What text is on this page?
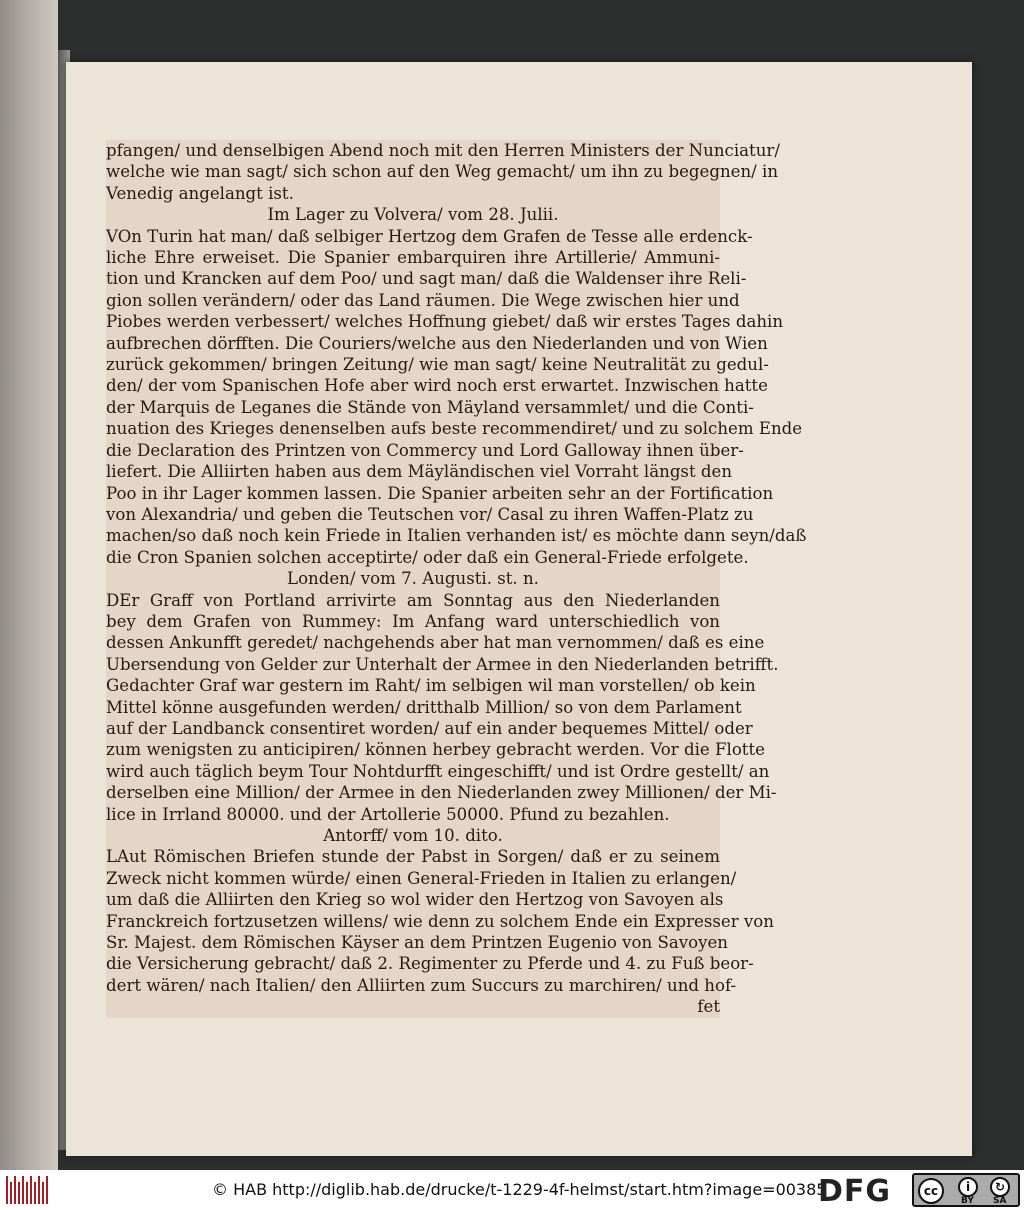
pfangen/ und denselbigen Abend noch mit den Herren Ministers der Nunciatur/
welche wie man sagt/ sich schon auf den Weg gemacht/ um ihn zu begegnen/ in
Venedig angelangt ist.
Im Lager zu Volvera/ vom 28. Julii.
VOn Turin hat man/ daß selbiger Hertzog dem Grafen de Tesse alle erdenck-
liche Ehre erweiset. Die Spanier embarquiren ihre Artillerie/ Ammuni-
tion und Krancken auf dem Poo/ und sagt man/ daß die Waldenser ihre Reli-
gion sollen verändern/ oder das Land räumen. Die Wege zwischen hier und
Piobes werden verbessert/ welches Hoffnung giebet/ daß wir erstes Tages dahin
aufbrechen dörfften. Die Couriers/welche aus den Niederlanden und von Wien
zurück gekommen/ bringen Zeitung/ wie man sagt/ keine Neutralität zu gedul-
den/ der vom Spanischen Hofe aber wird noch erst erwartet. Inzwischen hatte
der Marquis de Leganes die Stände von Mäyland versammlet/ und die Conti-
nuation des Krieges denenselben aufs beste recommendiret/ und zu solchem Ende
die Declaration des Printzen von Commercy und Lord Galloway ihnen über-
liefert. Die Alliirten haben aus dem Mäyländischen viel Vorraht längst den
Poo in ihr Lager kommen lassen. Die Spanier arbeiten sehr an der Fortification
von Alexandria/ und geben die Teutschen vor/ Casal zu ihren Waffen-Platz zu
machen/so daß noch kein Friede in Italien verhanden ist/ es möchte dann seyn/daß
die Cron Spanien solchen acceptirte/ oder daß ein General-Friede erfolgete.
Londen/ vom 7. Augusti. st. n.
DEr Graff von Portland arrivirte am Sonntag aus den Niederlanden
bey dem Grafen von Rummey: Im Anfang ward unterschiedlich von
dessen Ankunfft geredet/ nachgehends aber hat man vernommen/ daß es eine
Ubersendung von Gelder zur Unterhalt der Armee in den Niederlanden betrifft.
Gedachter Graf war gestern im Raht/ im selbigen wil man vorstellen/ ob kein
Mittel könne ausgefunden werden/ dritthalb Million/ so von dem Parlament
auf der Landbanck consentiret worden/ auf ein ander bequemes Mittel/ oder
zum wenigsten zu anticipiren/ können herbey gebracht werden. Vor die Flotte
wird auch täglich beym Tour Nohtdurfft eingeschifft/ und ist Ordre gestellt/ an
derselben eine Million/ der Armee in den Niederlanden zwey Millionen/ der Mi-
lice in Irrland 80000. und der Artollerie 50000. Pfund zu bezahlen.
Antorff/ vom 10. dito.
LAut Römischen Briefen stunde der Pabst in Sorgen/ daß er zu seinem
Zweck nicht kommen würde/ einen General-Frieden in Italien zu erlangen/
um daß die Alliirten den Krieg so wol wider den Hertzog von Savoyen als
Franckreich fortzusetzen willens/ wie denn zu solchem Ende ein Expresser von
Sr. Majest. dem Römischen Käyser an dem Printzen Eugenio von Savoyen
die Versicherung gebracht/ daß 2. Regimenter zu Pferde und 4. zu Fuß beor-
dert wären/ nach Italien/ den Alliirten zum Succurs zu marchiren/ und hof-
fet
© HAB http://diglib.hab.de/drucke/t-1229-4f-helmst/start.htm?image=00385
DFG	cc	i	↻
BY SA
